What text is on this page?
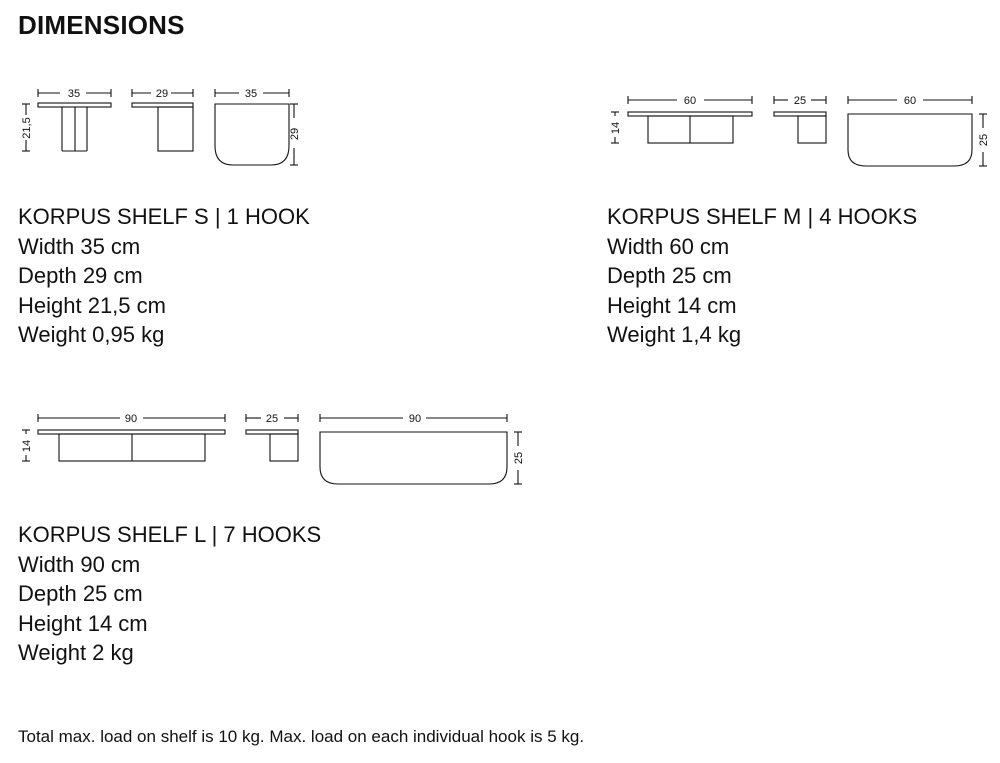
DIMENSIONS
35
21,5
29	35
29
KORPUS SHELF S | 1 HOOK
Width 35 cm
Depth 29 cm
Height 21,5 cm
Weight 0,95 kg
60
14
25	60
25
KORPUS SHELF M | 4 HOOKS
Width 60 cm
Depth 25 cm
Height 14 cm
Weight 1,4 kg
90
14
25	90
25
KORPUS SHELF L | 7 HOOKS
Width 90 cm
Depth 25 cm
Height 14 cm
Weight 2 kg

Total max. load on shelf is 10 kg. Max. load on each individual hook is 5 kg.
